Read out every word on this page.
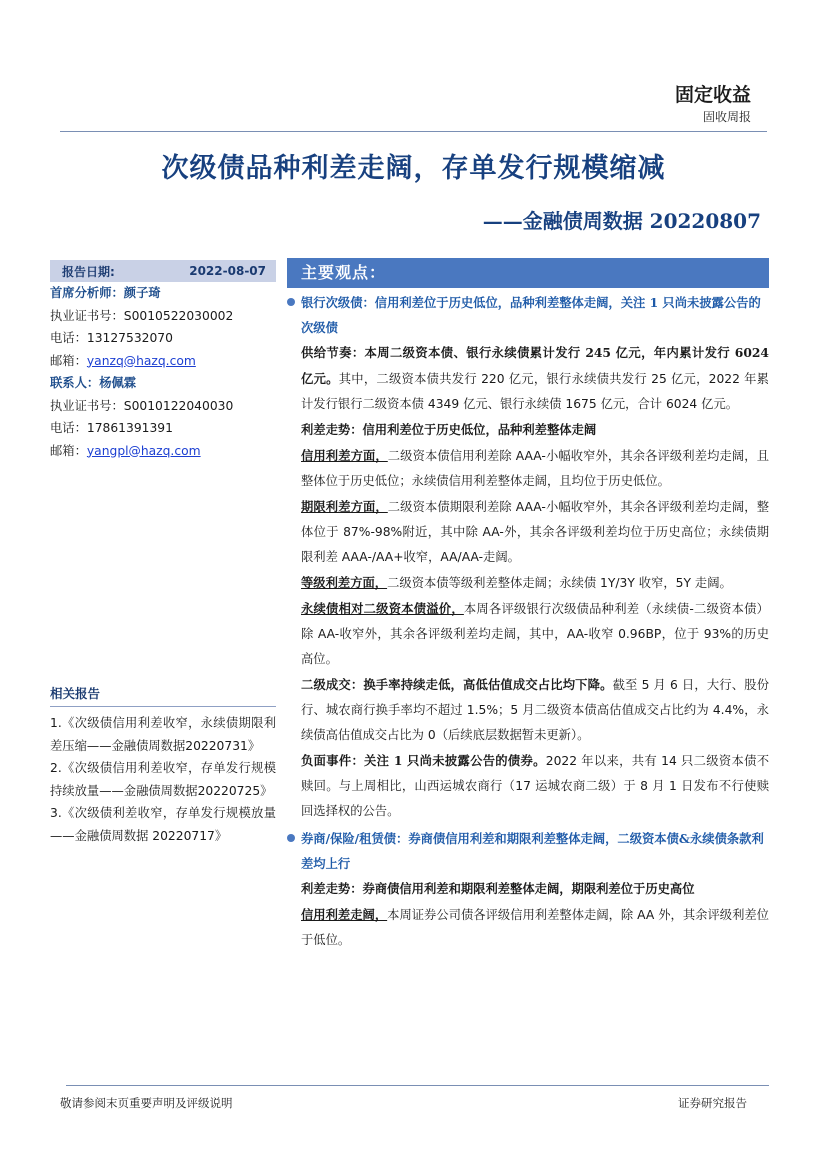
固定收益
固收周报
次级债品种利差走阔，存单发行规模缩减
——金融债周数据 20220807
报告日期:	2022-08-07
首席分析师：颜子琦
执业证书号：S0010522030002
电话：13127532070
邮箱：yanzq@hazq.com
联系人：杨佩霖
执业证书号：S0010122040030
电话：17861391391
邮箱：yangpl@hazq.com
相关报告
1.《次级债信用利差收窄，永续债期限利差压缩——金融债周数据20220731》
2.《次级债信用利差收窄，存单发行规模持续放量——金融债周数据20220725》
3.《次级债利差收窄，存单发行规模放量——金融债周数据 20220717》
主要观点：
银行次级债：信用利差位于历史低位，品种利差整体走阔，关注 1 只尚未披露公告的次级债
供给节奏：本周二级资本债、银行永续债累计发行 245 亿元，年内累计发行 6024 亿元。其中，二级资本债共发行 220 亿元，银行永续债共发行 25 亿元，2022 年累计发行银行二级资本债 4349 亿元、银行永续债 1675 亿元，合计 6024 亿元。
利差走势：信用利差位于历史低位，品种利差整体走阔
信用利差方面，二级资本债信用利差除 AAA-小幅收窄外，其余各评级利差均走阔，且整体位于历史低位；永续债信用利差整体走阔，且均位于历史低位。
期限利差方面，二级资本债期限利差除 AAA-小幅收窄外，其余各评级利差均走阔，整体位于 87%-98%附近，其中除 AA-外，其余各评级利差均位于历史高位；永续债期限利差 AAA-/AA+收窄，AA/AA-走阔。
等级利差方面，二级资本债等级利差整体走阔；永续债 1Y/3Y 收窄，5Y 走阔。
永续债相对二级资本债溢价，本周各评级银行次级债品种利差（永续债-二级资本债）除 AA-收窄外，其余各评级利差均走阔，其中，AA-收窄 0.96BP，位于 93%的历史高位。
二级成交：换手率持续走低，高低估值成交占比均下降。截至 5 月 6 日，大行、股份行、城农商行换手率均不超过 1.5%；5 月二级资本债高估值成交占比约为 4.4%，永续债高估值成交占比为 0（后续底层数据暂未更新）。
负面事件：关注 1 只尚未披露公告的债券。2022 年以来，共有 14 只二级资本债不赎回。与上周相比，山西运城农商行（17 运城农商二级）于 8 月 1 日发布不行使赎回选择权的公告。
券商/保险/租赁债：券商债信用利差和期限利差整体走阔，二级资本债&永续债条款利差均上行
利差走势：券商债信用利差和期限利差整体走阔，期限利差位于历史高位
信用利差走阔，本周证券公司债各评级信用利差整体走阔，除 AA 外，其余评级利差位于低位。
敬请参阅末页重要声明及评级说明	证券研究报告
